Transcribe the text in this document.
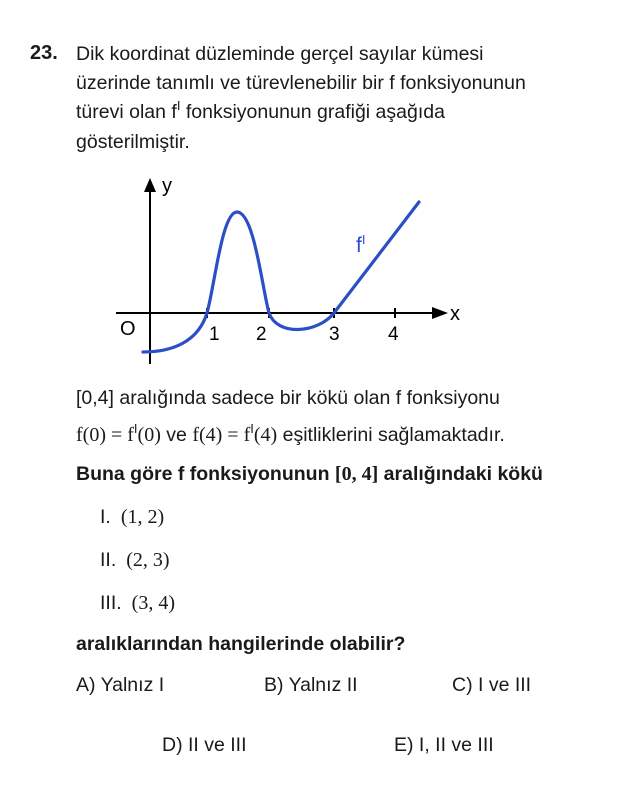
23. Dik koordinat düzleminde gerçel sayılar kümesi
üzerinde tanımlı ve türevlenebilir bir f fonksiyonunun
türevi olan $f^I$ fonksiyonunun grafiği aşağıda
gösterilmiştir.
y
x
O	1 2	3	4
$f^I$
[0,4] aralığında sadece bir kökü olan f fonksiyonu
$f(0) = f^I(0)$ ve $f(4) = f^I(4)$ eşitliklerini sağlamaktadır.
Buna göre f fonksiyonunun [0, 4] aralığındaki kökü
I. (1, 2)
II. (2, 3)
III. (3, 4)
aralıklarından hangilerinde olabilir?
A) Yalnız I	B) Yalnız II	C) I ve III
D) II ve III	E) I, II ve III
